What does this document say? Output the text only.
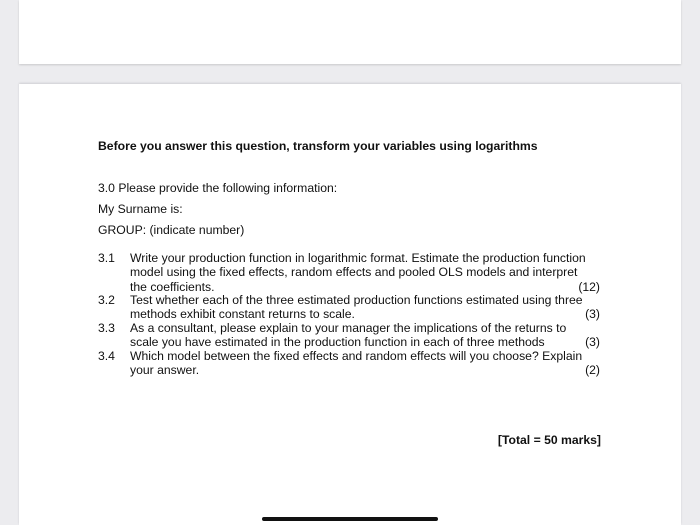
Before you answer this question, transform your variables using logarithms
3.0 Please provide the following information:
My Surname is:
GROUP: (indicate number)
3.1 Write your production function in logarithmic format. Estimate the production function
model using the fixed effects, random effects and pooled OLS models and interpret
the coefficients.	(12)
3.2 Test whether each of the three estimated production functions estimated using three
methods exhibit constant returns to scale.	(3)
3.3 As a consultant, please explain to your manager the implications of the returns to
scale you have estimated in the production function in each of three methods	(3)
3.4 Which model between the fixed effects and random effects will you choose? Explain
your answer.	(2)
[Total = 50 marks]
